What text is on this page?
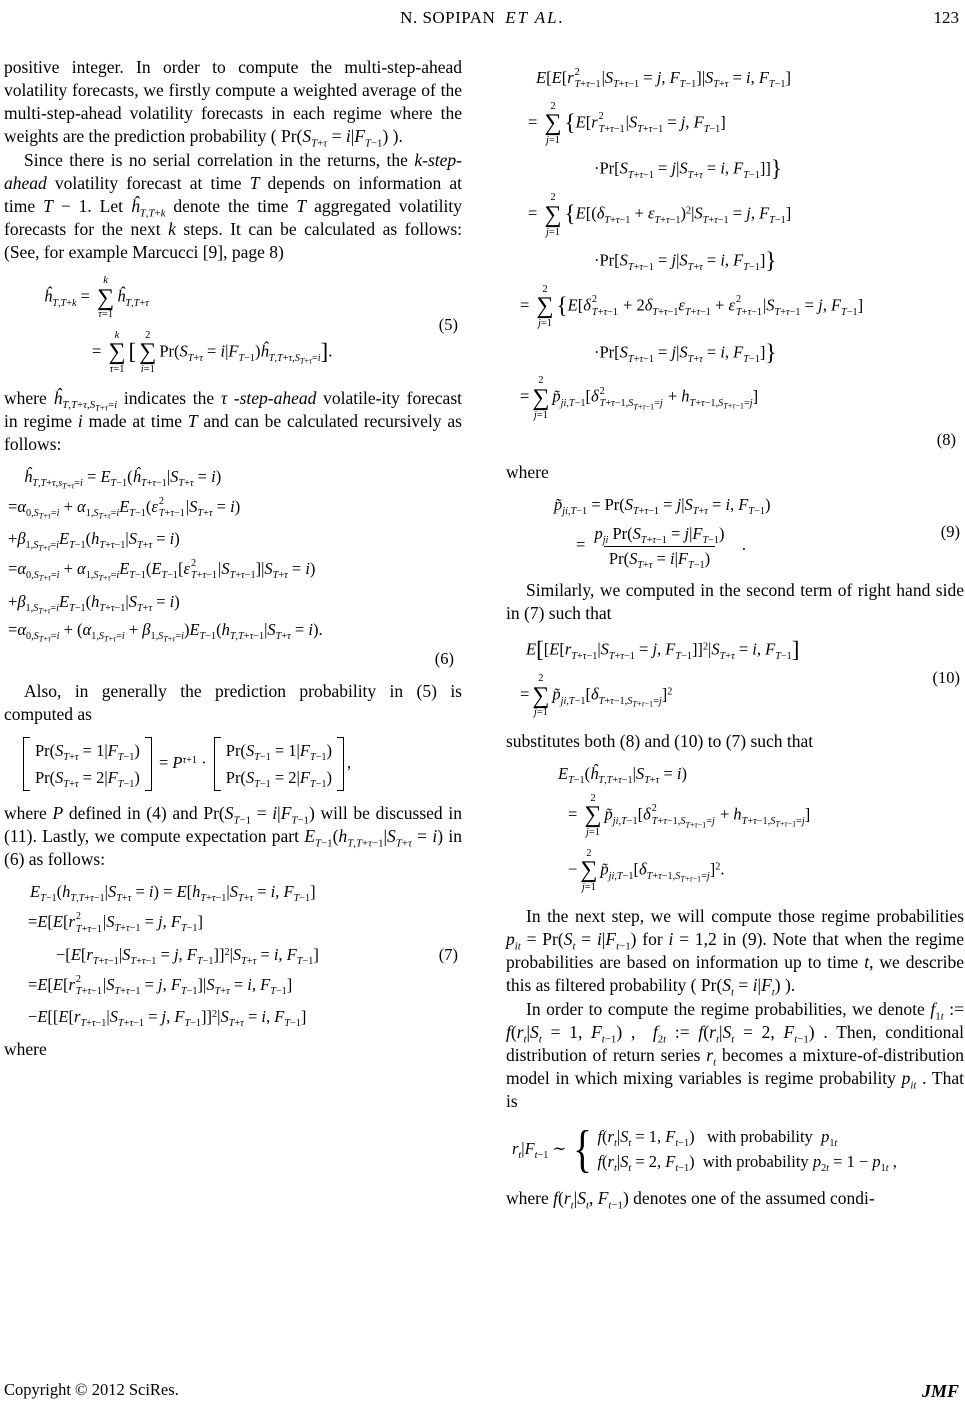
N. SOPIPAN ET AL.	123
positive integer. In order to compute the multi-step-ahead volatility forecasts, we firstly compute a weighted average of the multi-step-ahead volatility forecasts in each regime where the weights are the prediction probability ( $Pr(S_{T+\tau} = i|F_{T-1})$ ).
Since there is no serial correlation in the returns, the k-step-ahead volatility forecast at time T depends on information at time T − 1. Let $ĥ_{T,T+k}$ denote the time T aggregated volatility forecasts for the next k steps. It can be calculated as follows: (See, for example Marcucci [9], page 8)
$ĥ_{T,T+k}$ =
k
∑
τ=1
$ĥ_{T,T+\tau}$
=
k
∑
τ=1
[
2
∑
i=1
$Pr(S_{T+\tau}$ = $i|F_{T-1})ĥ_{T,T+\tau,S_{T+\tau}=i}$].
(5)
where $ĥ_{T,T+\tau,S_{T+\tau}=i}$ indicates the τ -step-ahead volatile-ity forecast in regime i made at time T and can be calculated recursively as follows:
$ĥ_{T,T+\tau,s_{T+\tau}=i}$ = $E_{T-1}(ĥ_{T+\tau-1}|S_{T+\tau} = i)$
$=\alpha_{0,S_{T+\tau}=i} + \alpha_{1,S_{T+\tau}=i}E_{T-1}(\varepsilon$ 2
T+τ−1 $|S_{T+\tau} = i$)
$+\beta_{1,S_{T+\tau}=i}E_{T-1}(h_{T+\tau-1}|S_{T+\tau} = i)$
$=\alpha_{0,S_{T+\tau}=i} + \alpha_{1,S_{T+\tau}=i}E_{T-1}(E_{T-1}[\varepsilon$ 2
T+τ−1 $|S_{T+\tau-1}]|S_{T+\tau} = i$)
$+\beta_{1,S_{T+\tau}=i}E_{T-1}(h_{T+\tau-1}|S_{T+\tau} = i)$
$=\alpha_{0,S_{T+\tau}=i} + (\alpha_{1,S_{T+\tau}=i} + \beta_{1,S_{T+\tau}=i})E_{T-1}(h_{T,T+\tau-1}|S_{T+\tau} = i)$.
(6)
Also, in generally the prediction probability in (5) is computed as
$Pr(S_{T+\tau} = 1|F_{T-1})$
$Pr(S_{T+\tau} = 2|F_{T-1})$
= $P^{\tau+1}$ ·
$Pr(S_{T-1} = 1|F_{T-1})$
$Pr(S_{T-1} = 2|F_{T-1})$
,
where P defined in (4) and $Pr(S_{T-1} = i|F_{T-1})$ will be discussed in (11). Lastly, we compute expectation part $E_{T-1}(h_{T,T+\tau-1}|S_{T+\tau} = i)$ in (6) as follows:
$E_{T-1}(h_{T,T+\tau-1}|S_{T+\tau} = i) = E[h_{T+\tau-1}|S_{T+\tau} = i$, $F_{T-1}$]
=E[E[r 2
T+τ−1 $|S_{T+\tau-1} = j$, $F_{T-1}$]
$-[E[r_{T+\tau-1}|S_{T+\tau-1} = j$, $F_{T-1}]]^2|S_{T+\tau} = i$, $F_{T-1}$]
=E[E[r 2
T+τ−1 $|S_{T+\tau-1} = j$, $F_{T-1}]|S_{T+\tau} = i$, $F_{T-1}$]
$-E[[E[r_{T+\tau-1}|S_{T+\tau-1} = j$, $F_{T-1}]]^2|S_{T+\tau} = i$, $F_{T-1}$]
(7)
where
E[E[r 2
T+τ−1 $|S_{T+\tau-1} = j$, $F_{T-1}]|S_{T+\tau} = i$, $F_{T-1}$]
=
2
∑
j=1
{E[r 2
T+τ−1 $|S_{T+\tau-1} = j$, $F_{T-1}$]
$\cdot Pr[S_{T+\tau-1} = j|S_{T+\tau} = i$, $F_{T-1}$]]}
=
2
∑
j=1
{$E[(\delta_{T+\tau-1} + \varepsilon_{T+\tau-1})^2|S_{T+\tau-1} = j$, $F_{T-1}$]
$\cdot Pr[S_{T+\tau-1} = j|S_{T+\tau} = i$, $F_{T-1}$]}
=
2
∑
j=1
{E[δ 2
$T+\tau-1 + 2\delta_{T+\tau-1}\varepsilon_{T+\tau-1} + \varepsilon$ 2
T+τ−1 $|S_{T+\tau-1} = j$, $F_{T-1}$]
$\cdot Pr[S_{T+\tau-1} = j|S_{T+\tau} = i$, $F_{T-1}$]}
=
2
∑
j=1
$p̃_{ji,T-1}[\delta$ 2
$T+\tau-1,S_{T+\tau-1}=j + h_{T+\tau-1,S_{T+\tau-1}=j}$]
(8)
where
$p̃_{ji,T-1} = Pr(S_{T+\tau-1} = j|S_{T+\tau} = i$, $F_{T-1}$)
= $\frac{p_{ji} Pr(S_{T+\tau-1} = j|F_{T-1})}{Pr(S_{T+\tau} = i|F_{T-1})}$ .
(9)
Similarly, we computed in the second term of right hand side in (7) such that
$E[[E[r_{T+\tau-1}|S_{T+\tau-1} = j$, $F_{T-1}]]^2|S_{T+\tau} = i$, $F_{T-1}$]
=
2
∑
j=1
$p̃_{ji,T-1}[\delta_{T+\tau-1,S_{T+\tau-1}=j}]^2$
(10)
substitutes both (8) and (10) to (7) such that
$E_{T-1}(ĥ_{T,T+\tau-1}|S_{T+\tau} = i)$
=
2
∑
j=1
$p̃_{ji,T-1}[\delta$ 2
$T+\tau-1,S_{T+\tau-1}=j + h_{T+\tau-1,S_{T+\tau-1}=j}$]
−
2
∑
j=1
$p̃_{ji,T-1}[\delta_{T+\tau-1,S_{T+\tau-1}=j}]^2$.
In the next step, we will compute those regime probabilities $p_{it} = Pr(S_t = i|F_{t-1})$ for i = 1,2 in (9). Note that when the regime probabilities are based on information up to time t, we describe this as filtered probability ( $Pr(S_t = i|F_t)$ ).
In order to compute the regime probabilities, we denote $f_{1t}$ := $f(r_t|S_t = 1$, $F_{t-1}$) ,  $f_{2t}$ := $f(r_t|S_t = 2$, $F_{t-1}$) . Then, conditional distribution of return series $r_t$ becomes a mixture-of-distribution model in which mixing variables is regime probability $p_{it}$ . That is
$r_t|F_{t-1}$ ∼ { $f(r_t|S_t = 1$, $F_{t-1}$)   with probability  $p_{1t}$
$f(r_t|S_t = 2$, $F_{t-1}$)  with probability $p_{2t} = 1 - p_{1t}$ ,
where $f(r_t|S_t$, $F_{t-1}$) denotes one of the assumed condi-
Copyright © 2012 SciRes.	JMF
